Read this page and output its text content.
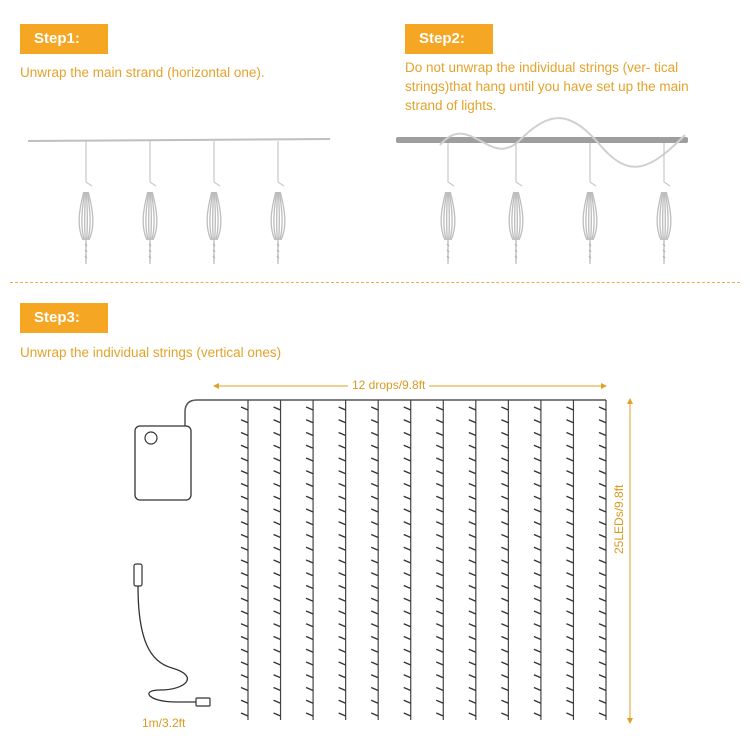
Step1:
Unwrap the main strand (horizontal one).
Step2:
Do not unwrap the individual strings (ver- tical strings)that hang until you have set up the main strand of lights.
Step3:
Unwrap the individual strings (vertical ones)
12 drops/9.8ft
25LEDs/9.8ft
1m/3.2ft
